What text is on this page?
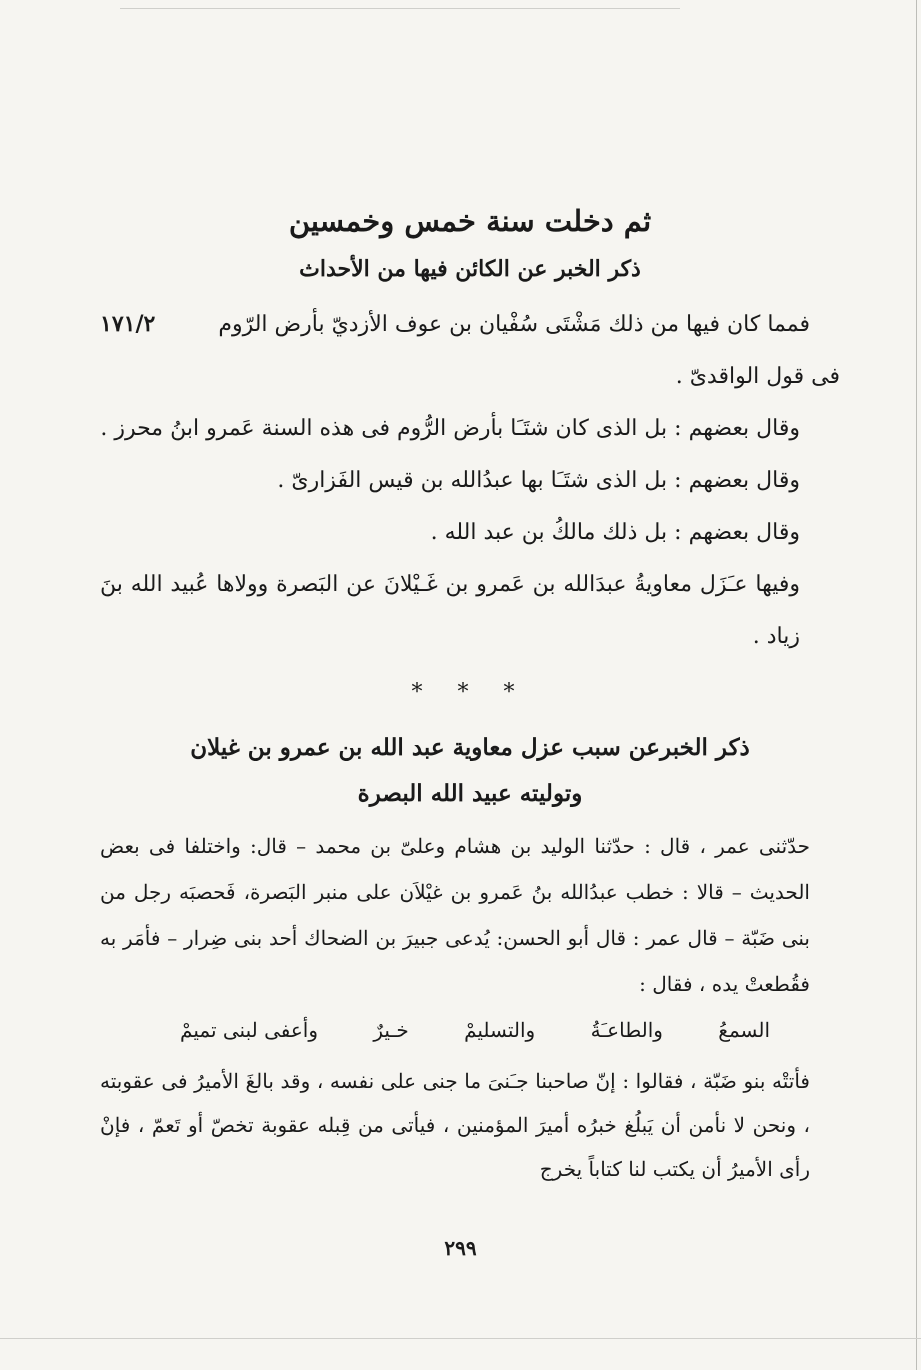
ثم دخلت سنة خمس وخمسين
ذكر الخبر عن الكائن فيها من الأحداث
فمما كان فيها من ذلك مَشْتَى سُفْيان بن عوف الأزديّ بأرض الرّوم
١٧١/٢

فى قول الواقدىّ .

وقال بعضهم : بل الذى كان شتَـَا بأرض الرُّوم فى هذه السنة عَمرو ابنُ محرز .

وقال بعضهم : بل الذى شتَـَا بها عبدُالله بن قيس الفَزارىّ .

وقال بعضهم : بل ذلك مالكُ بن عبد الله .

وفيها عـَزَل معاويةُ عبدَالله بن عَمرو بن غَـيْلانَ عن البَصرة وولاها عُبيد الله بنَ زياد .

* * *
ذكر الخبرعن سبب عزل معاوية عبد الله بن عمرو بن غيلان
وتوليته عبيد الله البصرة

حدّثنى عمر ، قال : حدّثنا الوليد بن هشام وعلىّ بن محمد – قال: واختلفا فى بعض الحديث – قالا : خطب عبدُالله بنُ عَمرو بن غيْلاَن على منبر البَصرة، فَحصبَه رجل من بنى ضَبّة – قال عمر : قال أبو الحسن: يُدعى جبيرَ بن الضحاك أحد بنى ضِرار – فأمَر به فقُطعتْ يده ، فقال :

السمعُ
والطاعـَةُ
والتسليمْ
خـيرٌ
وأعفى لبنى تميمْ

فأتتْه بنو ضَبّة ، فقالوا : إنّ صاحبنا جـَنىَ ما جنى على نفسه ، وقد بالغَ الأميرُ فى عقوبته ، ونحن لا نأمن أن يَبلُغ خبرُه أميرَ المؤمنين ، فيأتى من قِبله عقوبة تخصّ أو تَعمّ ، فإنْ رأى الأميرُ أن يكتب لنا كتاباً يخرج

٢٩٩
